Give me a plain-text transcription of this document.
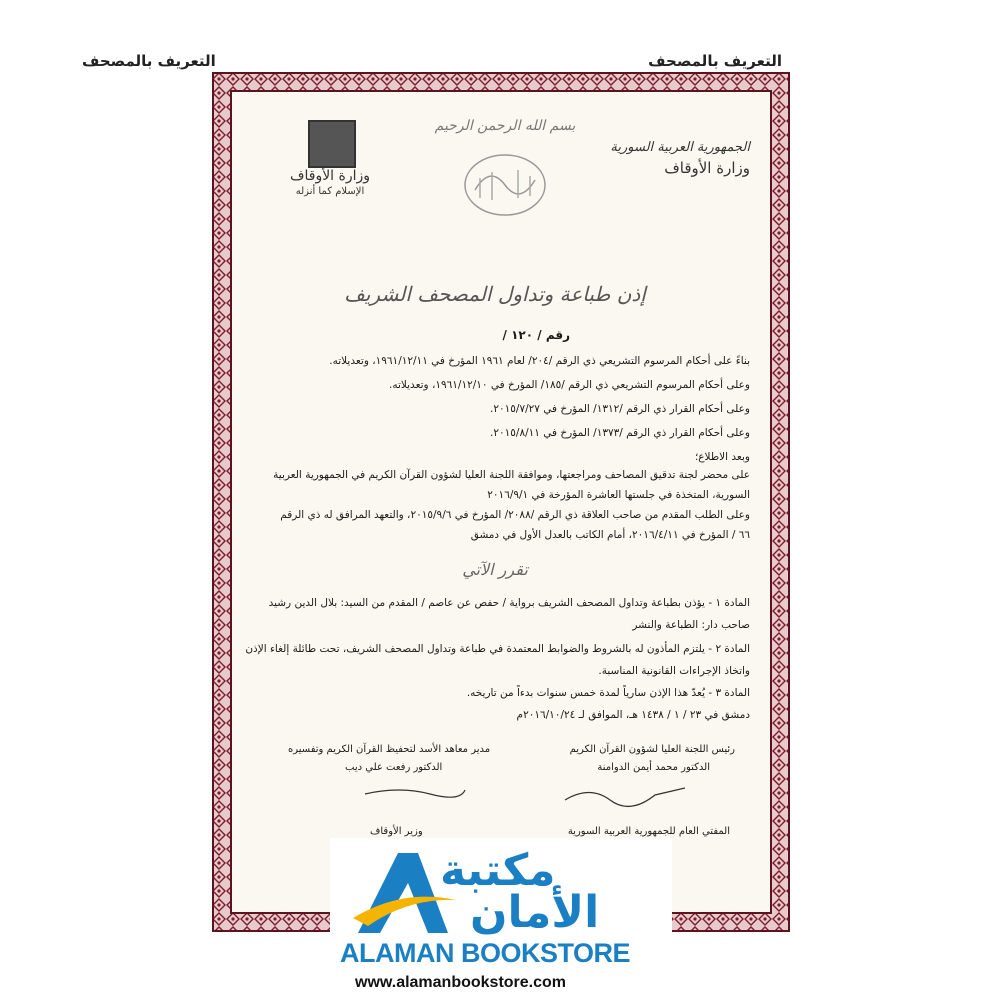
التعريف بالمصحف	التعريف بالمصحف
الجمهورية العربية السورية
وزارة الأوقاف
وزارة الأوقاف
الإسلام كما أنزله
بسم الله الرحمن الرحيم
إذن طباعة وتداول المصحف الشريف
رقم / ١٢٠ /
بناءً على أحكام المرسوم التشريعي ذي الرقم /٢٠٤/ لعام ١٩٦١ المؤرخ في ١٩٦١/١٢/١١، وتعديلاته.
وعلى أحكام المرسوم التشريعي ذي الرقم /١٨٥/ المؤرخ في ١٩٦١/١٢/١٠، وتعديلاته.
وعلى أحكام القرار ذي الرقم /١٣١٢/ المؤرخ في ٢٠١٥/٧/٢٧.
وعلى أحكام القرار ذي الرقم /١٣٧٣/ المؤرخ في ٢٠١٥/٨/١١.
وبعد الاطلاع؛
على محضر لجنة تدقيق المصاحف ومراجعتها، وموافقة اللجنة العليا لشؤون القرآن الكريم في الجمهورية العربية
السورية، المتخذة في جلستها العاشرة المؤرخة في ٢٠١٦/٩/١
وعلى الطلب المقدم من صاحب العلاقة ذي الرقم /٢٠٨٨/ المؤرخ في ٢٠١٥/٩/٦، والتعهد المرافق له ذي الرقم
٦٦ / المؤرخ في ٢٠١٦/٤/١١، أمام الكاتب بالعدل الأول في دمشق
تقرر الآتي
المادة ١ - يؤذن بطباعة وتداول المصحف الشريف برواية / حفص عن عاصم / المقدم من السيد: بلال الدين رشيد
صاحب دار: الطباعة والنشر
المادة ٢ - يلتزم المأذون له بالشروط والضوابط المعتمدة في طباعة وتداول المصحف الشريف، تحت طائلة إلغاء الإذن
واتخاذ الإجراءات القانونية المناسبة.
المادة ٣ - يُعدّ هذا الإذن سارياً لمدة خمس سنوات بدءاً من تاريخه.
دمشق في ٢٣ / ١ / ١٤٣٨ هـ، الموافق لـ ٢٠١٦/١٠/٢٤م
رئيس اللجنة العليا لشؤون القرآن الكريم
الدكتور محمد أيمن الدوامنة
مدير معاهد الأسد لتحفيظ القرآن الكريم وتفسيره
الدكتور رفعت علي ديب
المفتي العام للجمهورية العربية السورية
وزير الأوقاف
مكتبة
الأمان
ALAMAN BOOKSTORE
www.alamanbookstore.com
